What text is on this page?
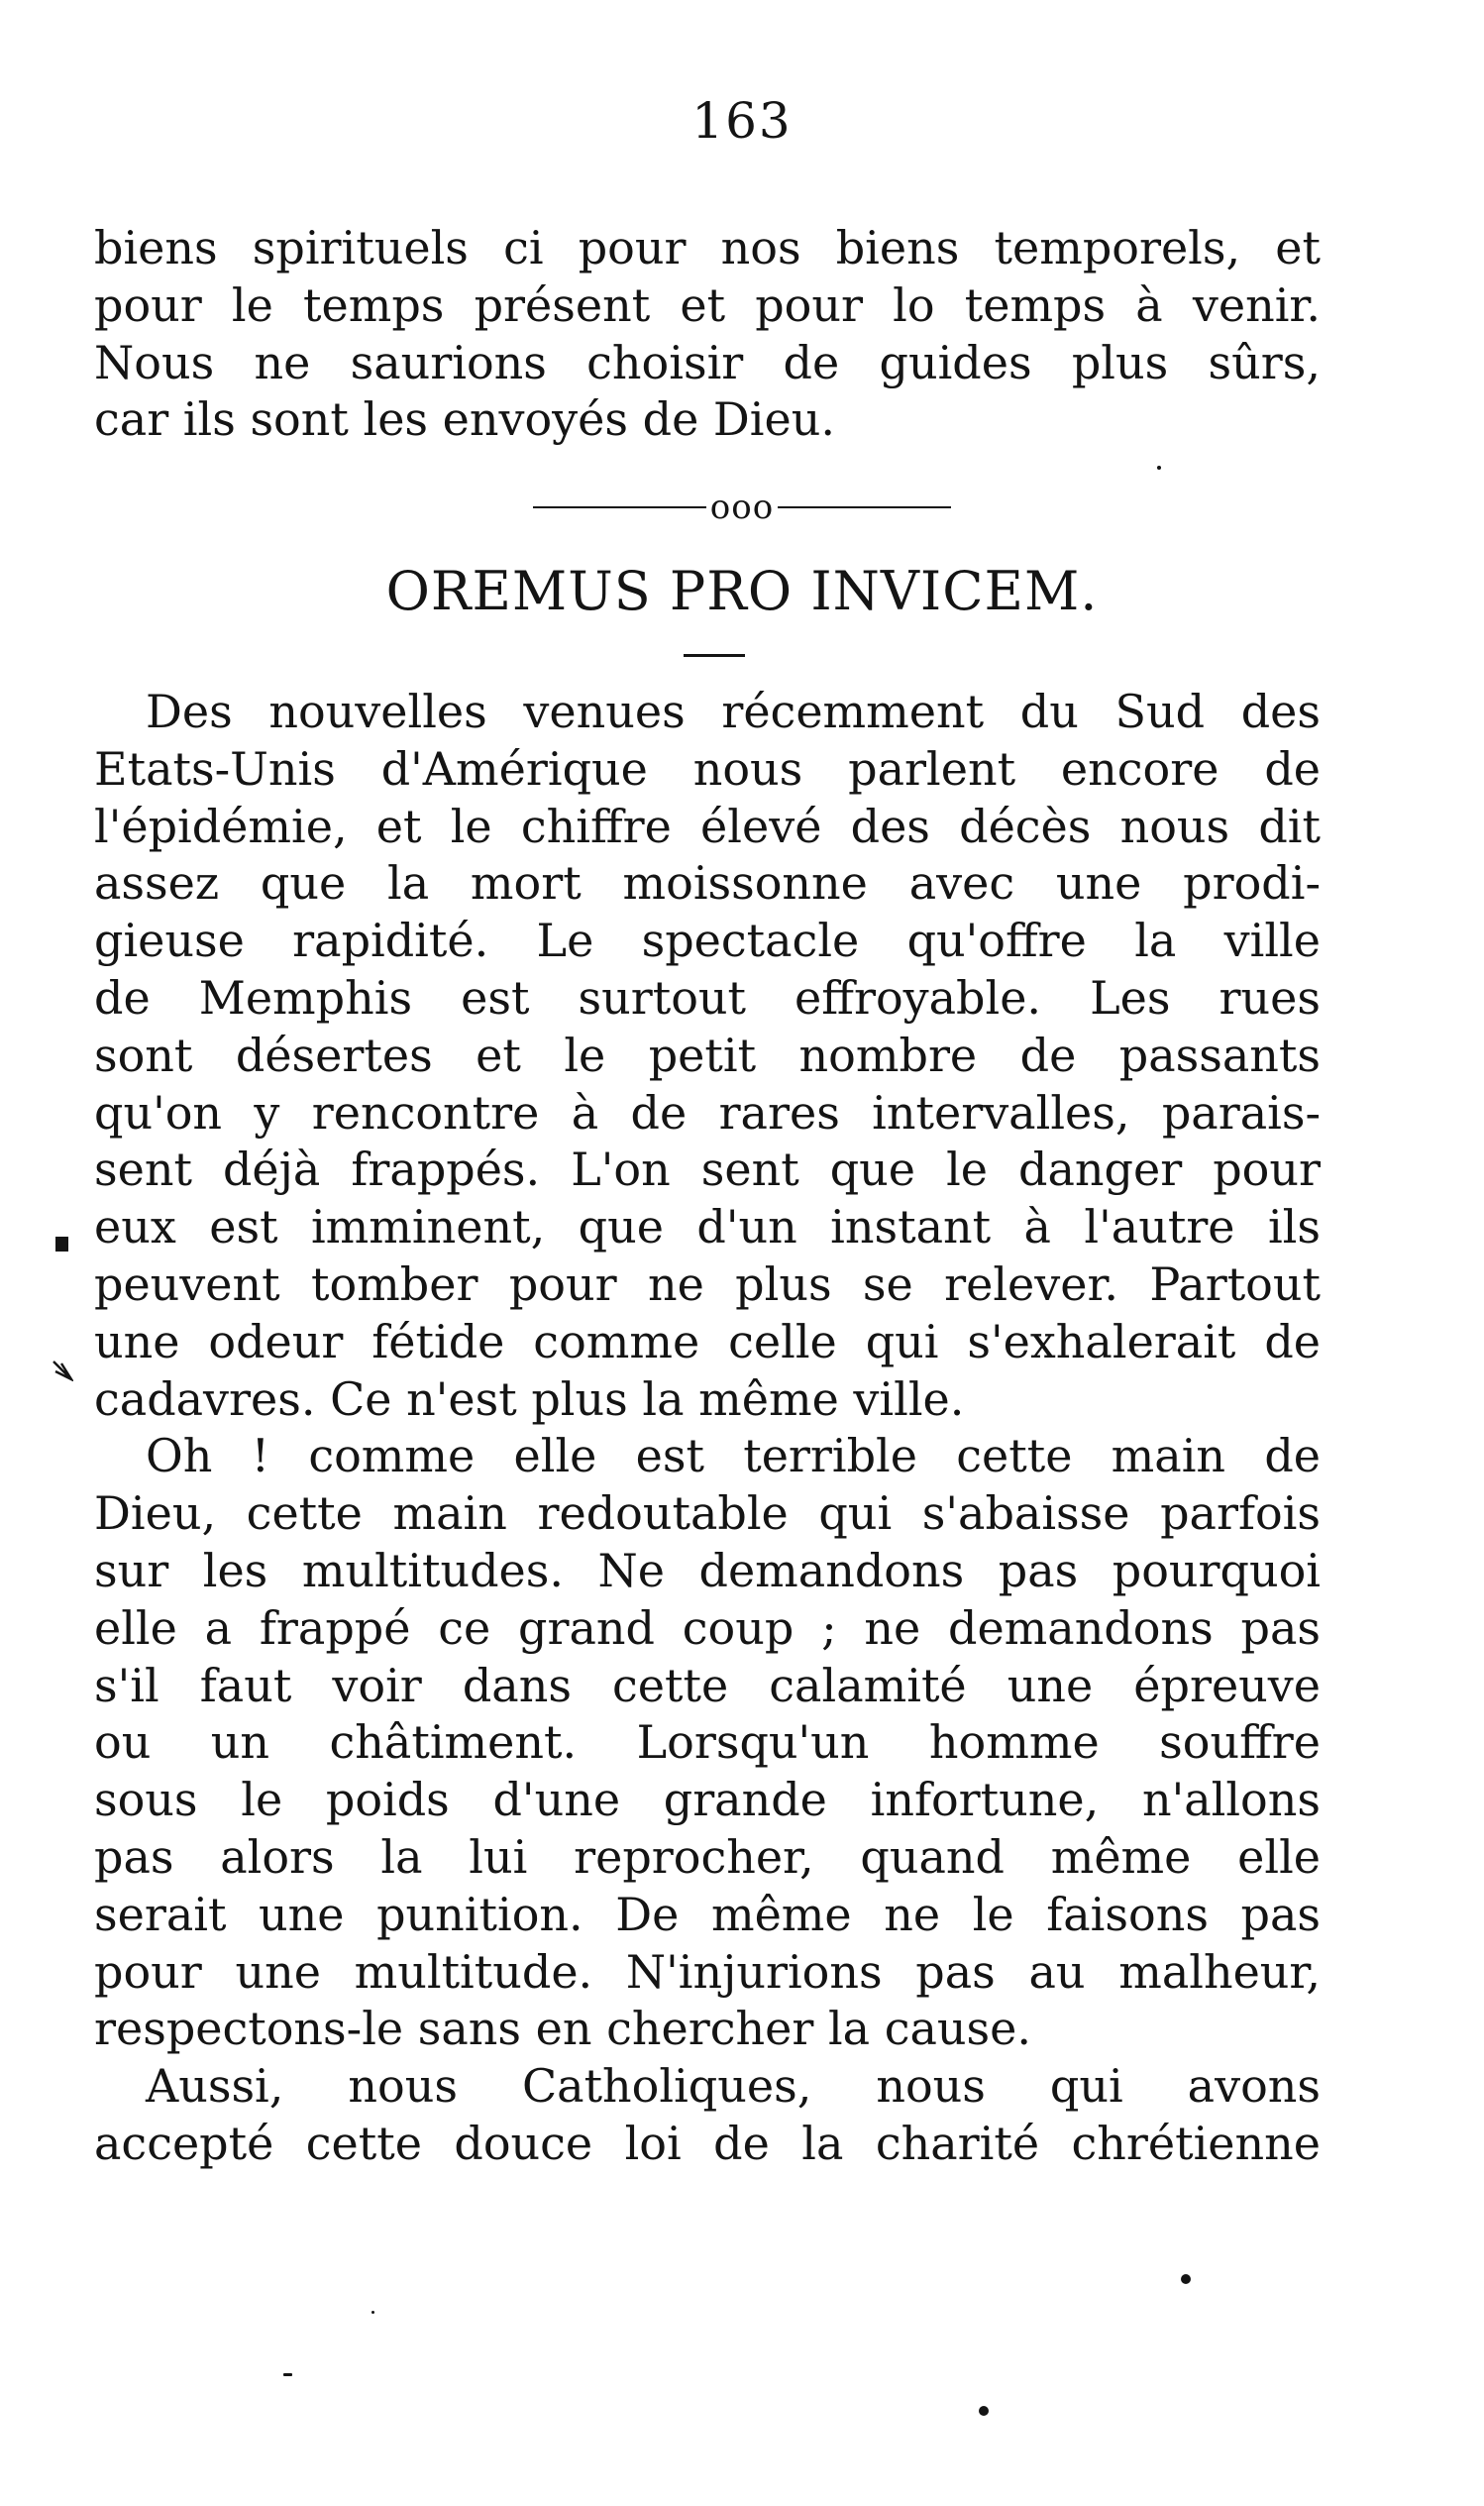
163
biens spirituels ci pour nos biens temporels, et
pour le temps présent et pour lo temps à venir.
Nous ne saurions choisir de guides plus sûrs,
car ils sont les envoyés de Dieu.
ooo
OREMUS PRO INVICEM.
Des nouvelles venues récemment du Sud des
Etats-Unis d'Amérique nous parlent encore de
l'épidémie, et le chiffre élevé des décès nous dit
assez que la mort moissonne avec une prodi-
gieuse rapidité. Le spectacle qu'offre la ville
de Memphis est surtout effroyable. Les rues
sont désertes et le petit nombre de passants
qu'on y rencontre à de rares intervalles, parais-
sent déjà frappés. L'on sent que le danger pour
eux est imminent, que d'un instant à l'autre ils
peuvent tomber pour ne plus se relever. Partout
une odeur fétide comme celle qui s'exhalerait de
cadavres. Ce n'est plus la même ville.
Oh ! comme elle est terrible cette main de
Dieu, cette main redoutable qui s'abaisse parfois
sur les multitudes. Ne demandons pas pourquoi
elle a frappé ce grand coup ; ne demandons pas
s'il faut voir dans cette calamité une épreuve
ou un châtiment. Lorsqu'un homme souffre
sous le poids d'une grande infortune, n'allons
pas alors la lui reprocher, quand même elle
serait une punition. De même ne le faisons pas
pour une multitude. N'injurions pas au malheur,
respectons-le sans en chercher la cause.
Aussi, nous Catholiques, nous qui avons
accepté cette douce loi de la charité chrétienne
